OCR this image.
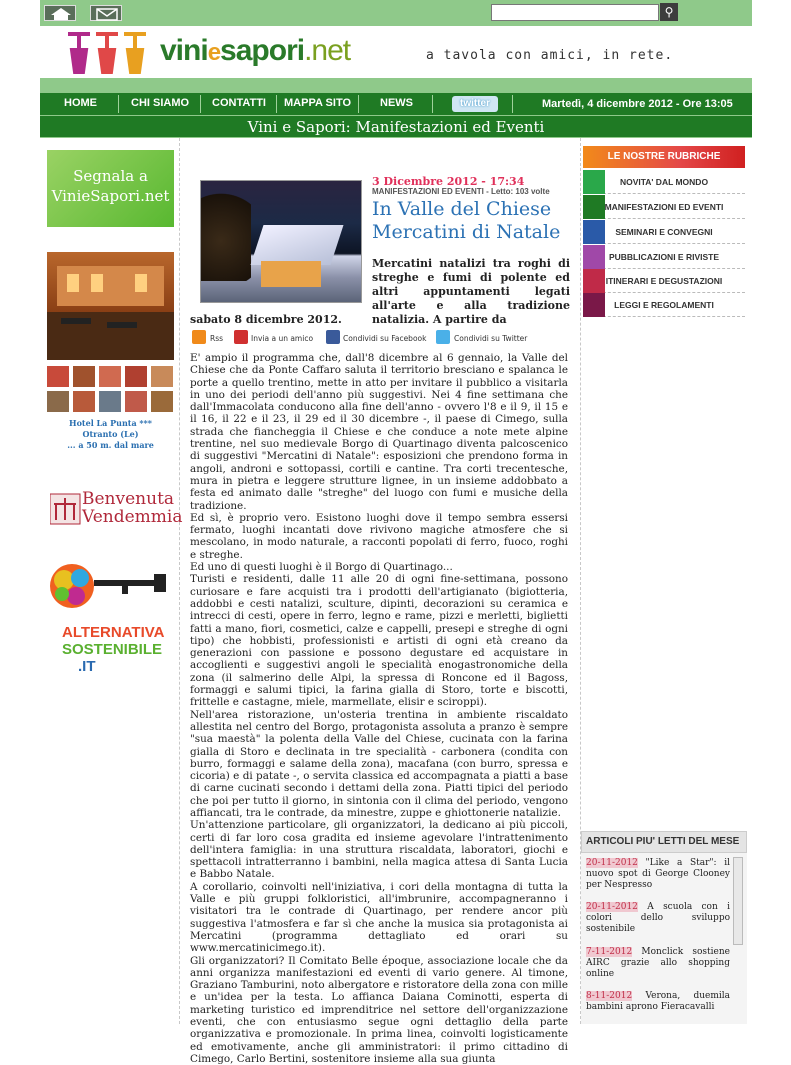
⚲
viniesapori.net	a tavola con amici, in rete.
HOME	CHI SIAMO CONTATTI MAPPA SITO	NEWS	twitter	Martedì, 4 dicembre 2012 - Ore 13:05
Vini e Sapori: Manifestazioni ed Eventi
Segnala a VinieSapori.net
Hotel La Punta ***
Otranto (Le)
... a 50 m. dal mare
Benvenuta
Vendemmia
ALTERNATIVA
SOSTENIBILE
.IT
3 Dicembre 2012 - 17:34
MANIFESTAZIONI ED EVENTI - Letto: 103 volte
In Valle del Chiese Mercatini di Natale
Mercatini natalizi tra roghi di streghe e fumi di polente ed altri appuntamenti legati all'arte e alla tradizione natalizia. A partire da
sabato 8 dicembre 2012.
Rss	Invia a un amico	Condividi su Facebook	Condividi su Twitter

E' ampio il programma che, dall'8 dicembre al 6 gennaio, la Valle del Chiese che da Ponte Caffaro saluta il territorio bresciano e spalanca le porte a quello trentino, mette in atto per invitare il pubblico a visitarla in uno dei periodi dell'anno più suggestivi. Nei 4 fine settimana che dall'Immacolata conducono alla fine dell'anno - ovvero l'8 e il 9, il 15 e il 16, il 22 e il 23, il 29 ed il 30 dicembre -, il paese di Cimego, sulla strada che fiancheggia il Chiese e che conduce a note mete alpine trentine, nel suo medievale Borgo di Quartinago diventa palcoscenico di suggestivi "Mercatini di Natale": esposizioni che prendono forma in angoli, androni e sottopassi, cortili e cantine. Tra corti trecentesche, mura in pietra e leggere strutture lignee, in un insieme addobbato a festa ed animato dalle "streghe" del luogo con fumi e musiche della tradizione.

Ed sì, è proprio vero. Esistono luoghi dove il tempo sembra essersi fermato, luoghi incantati dove rivivono magiche atmosfere che si mescolano, in modo naturale, a racconti popolati di ferro, fuoco, roghi e streghe.

Ed uno di questi luoghi è il Borgo di Quartinago...

Turisti e residenti, dalle 11 alle 20 di ogni fine-settimana, possono curiosare e fare acquisti tra i prodotti dell'artigianato (bigiotteria, addobbi e cesti natalizi, sculture, dipinti, decorazioni su ceramica e intrecci di cesti, opere in ferro, legno e rame, pizzi e merletti, biglietti fatti a mano, fiori, cosmetici, calze e cappelli, presepi e streghe di ogni tipo) che hobbisti, professionisti e artisti di ogni età creano da generazioni con passione e possono degustare ed acquistare in accoglienti e suggestivi angoli le specialità enogastronomiche della zona (il salmerino delle Alpi, la spressa di Roncone ed il Bagoss, formaggi e salumi tipici, la farina gialla di Storo, torte e biscotti, frittelle e castagne, miele, marmellate, elisir e sciroppi).

Nell'area ristorazione, un'osteria trentina in ambiente riscaldato allestita nel centro del Borgo, protagonista assoluta a pranzo è sempre "sua maestà" la polenta della Valle del Chiese, cucinata con la farina gialla di Storo e declinata in tre specialità - carbonera (condita con burro, formaggi e salame della zona), macafana (con burro, spressa e cicoria) e di patate -, o servita classica ed accompagnata a piatti a base di carne cucinati secondo i dettami della zona. Piatti tipici del periodo che poi per tutto il giorno, in sintonia con il clima del periodo, vengono affiancati, tra le contrade, da minestre, zuppe e ghiottonerie natalizie.

Un'attenzione particolare, gli organizzatori, la dedicano ai più piccoli, certi di far loro cosa gradita ed insieme agevolare l'intrattenimento dell'intera famiglia: in una struttura riscaldata, laboratori, giochi e spettacoli intratterranno i bambini, nella magica attesa di Santa Lucia e Babbo Natale.

A corollario, coinvolti nell'iniziativa, i cori della montagna di tutta la Valle e più gruppi folkloristici, all'imbrunire, accompagneranno i visitatori tra le contrade di Quartinago, per rendere ancor più suggestiva l'atmosfera e far sì che anche la musica sia protagonista ai Mercatini (programma dettagliato ed orari su www.mercatinicimego.it).

Gli organizzatori? Il Comitato Belle époque, associazione locale che da anni organizza manifestazioni ed eventi di vario genere. Al timone, Graziano Tamburini, noto albergatore e ristoratore della zona con mille e un'idea per la testa. Lo affianca Daiana Cominotti, esperta di marketing turistico ed imprenditrice nel settore dell'organizzazione eventi, che con entusiasmo segue ogni dettaglio della parte organizzativa e promozionale. In prima linea, coinvolti logisticamente ed emotivamente, anche gli amministratori: il primo cittadino di Cimego, Carlo Bertini, sostenitore insieme alla sua giunta

LE NOSTRE RUBRICHE
NOVITA' DAL MONDO
MANIFESTAZIONI ED EVENTI
SEMINARI E CONVEGNI
PUBBLICAZIONI E RIVISTE
ITINERARI E DEGUSTAZIONI
LEGGI E REGOLAMENTI
ARTICOLI PIU' LETTI DEL MESE
20-11-2012 "Like a Star": il nuovo spot di George Clooney per Nespresso
20-11-2012 A scuola con i colori dello sviluppo sostenibile
7-11-2012 Monclick sostiene AIRC grazie allo shopping online
8-11-2012 Verona, duemila bambini aprono Fieracavalli
